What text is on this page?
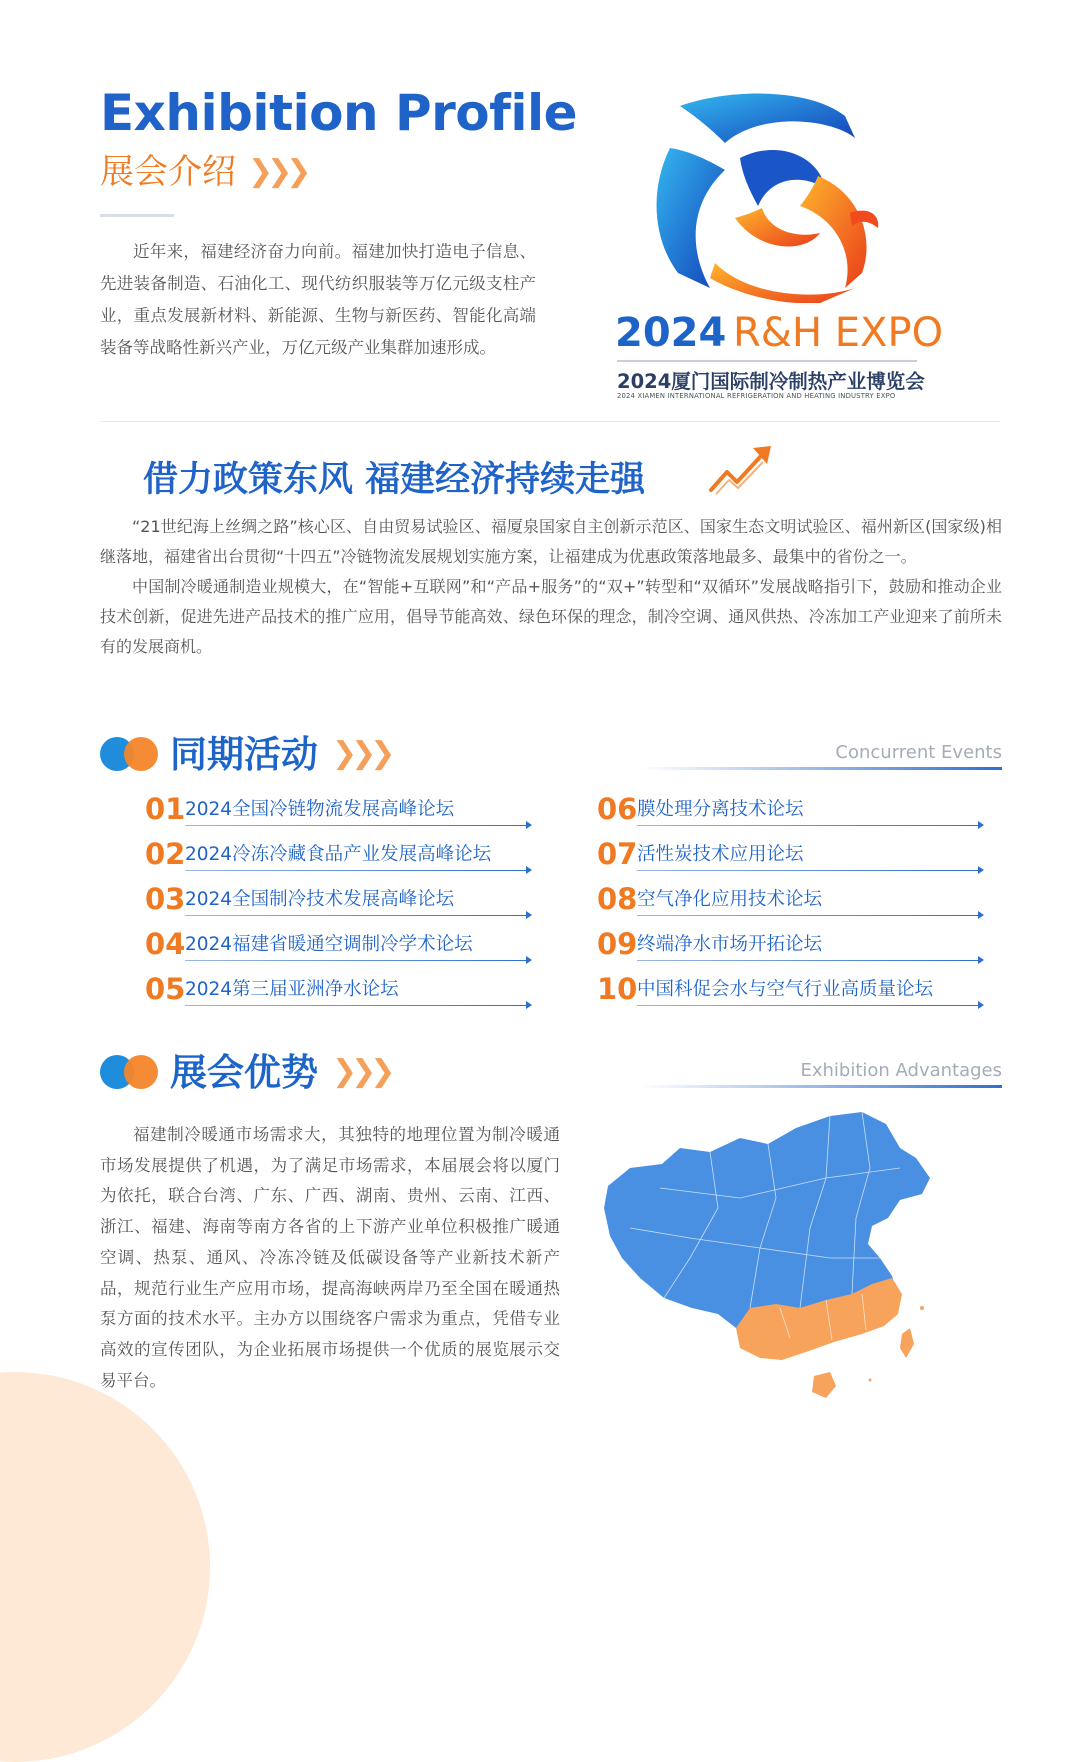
Exhibition Profile
展会介绍 ❯❯❯

近年来，福建经济奋力向前。福建加快打造电子信息、先进装备制造、石油化工、现代纺织服装等万亿元级支柱产业，重点发展新材料、新能源、生物与新医药、智能化高端装备等战略性新兴产业，万亿元级产业集群加速形成。	2024 R&H EXPO
2024厦门国际制冷制热产业博览会
2024 XIAMEN INTERNATIONAL REFRIGERATION AND HEATING INDUSTRY EXPO
借力政策东风 福建经济持续走强

“21世纪海上丝绸之路”核心区、自由贸易试验区、福厦泉国家自主创新示范区、国家生态文明试验区、福州新区(国家级)相继落地，福建省出台贯彻“十四五”冷链物流发展规划实施方案，让福建成为优惠政策落地最多、最集中的省份之一。

中国制冷暖通制造业规模大，在“智能+互联网”和“产品+服务”的“双+”转型和“双循环”发展战略指引下，鼓励和推动企业技术创新，促进先进产品技术的推广应用，倡导节能高效、绿色环保的理念，制冷空调、通风供热、冷冻加工产业迎来了前所未有的发展商机。

同期活动 ❯❯❯	Concurrent Events
01 2024全国冷链物流发展高峰论坛
02 2024冷冻冷藏食品产业发展高峰论坛
03 2024全国制冷技术发展高峰论坛
04 2024福建省暖通空调制冷学术论坛
05 2024第三届亚洲净水论坛
06 膜处理分离技术论坛
07 活性炭技术应用论坛
08 空气净化应用技术论坛
09 终端净水市场开拓论坛
10 中国科促会水与空气行业高质量论坛
展会优势 ❯❯❯	Exhibition Advantages

福建制冷暖通市场需求大，其独特的地理位置为制冷暖通市场发展提供了机遇，为了满足市场需求，本届展会将以厦门为依托，联合台湾、广东、广西、湖南、贵州、云南、江西、浙江、福建、海南等南方各省的上下游产业单位积极推广暖通空调、热泵、通风、冷冻冷链及低碳设备等产业新技术新产品，规范行业生产应用市场，提高海峡两岸乃至全国在暖通热泵方面的技术水平。主办方以围绕客户需求为重点，凭借专业高效的宣传团队，为企业拓展市场提供一个优质的展览展示交易平台。
